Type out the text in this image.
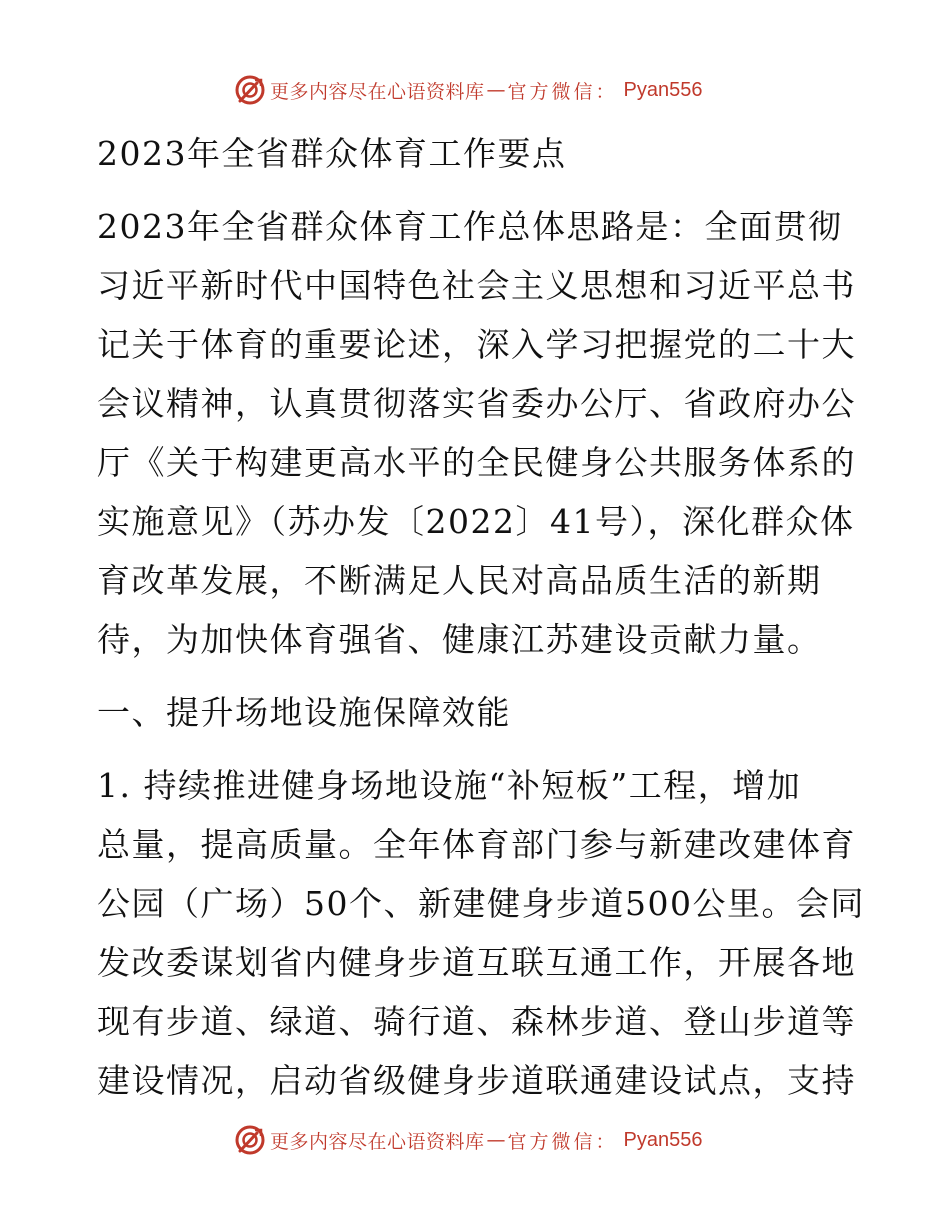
更多内容尽在心语资料库 — 官方微信： Pyan556
2023年全省群众体育工作要点
2023年全省群众体育工作总体思路是：全面贯彻
习近平新时代中国特色社会主义思想和习近平总书
记关于体育的重要论述，深入学习把握党的二十大
会议精神，认真贯彻落实省委办公厅、省政府办公
厅《关于构建更高水平的全民健身公共服务体系的
实施意见》（苏办发〔2022〕41号），深化群众体
育改革发展，不断满足人民对高品质生活的新期
待，为加快体育强省、健康江苏建设贡献力量。
一、提升场地设施保障效能
1. 持续推进健身场地设施“补短板”工程，增加
总量，提高质量。全年体育部门参与新建改建体育
公园（广场）50个、新建健身步道500公里。会同
发改委谋划省内健身步道互联互通工作，开展各地
现有步道、绿道、骑行道、森林步道、登山步道等
建设情况，启动省级健身步道联通建设试点，支持
更多内容尽在心语资料库 — 官方微信： Pyan556
